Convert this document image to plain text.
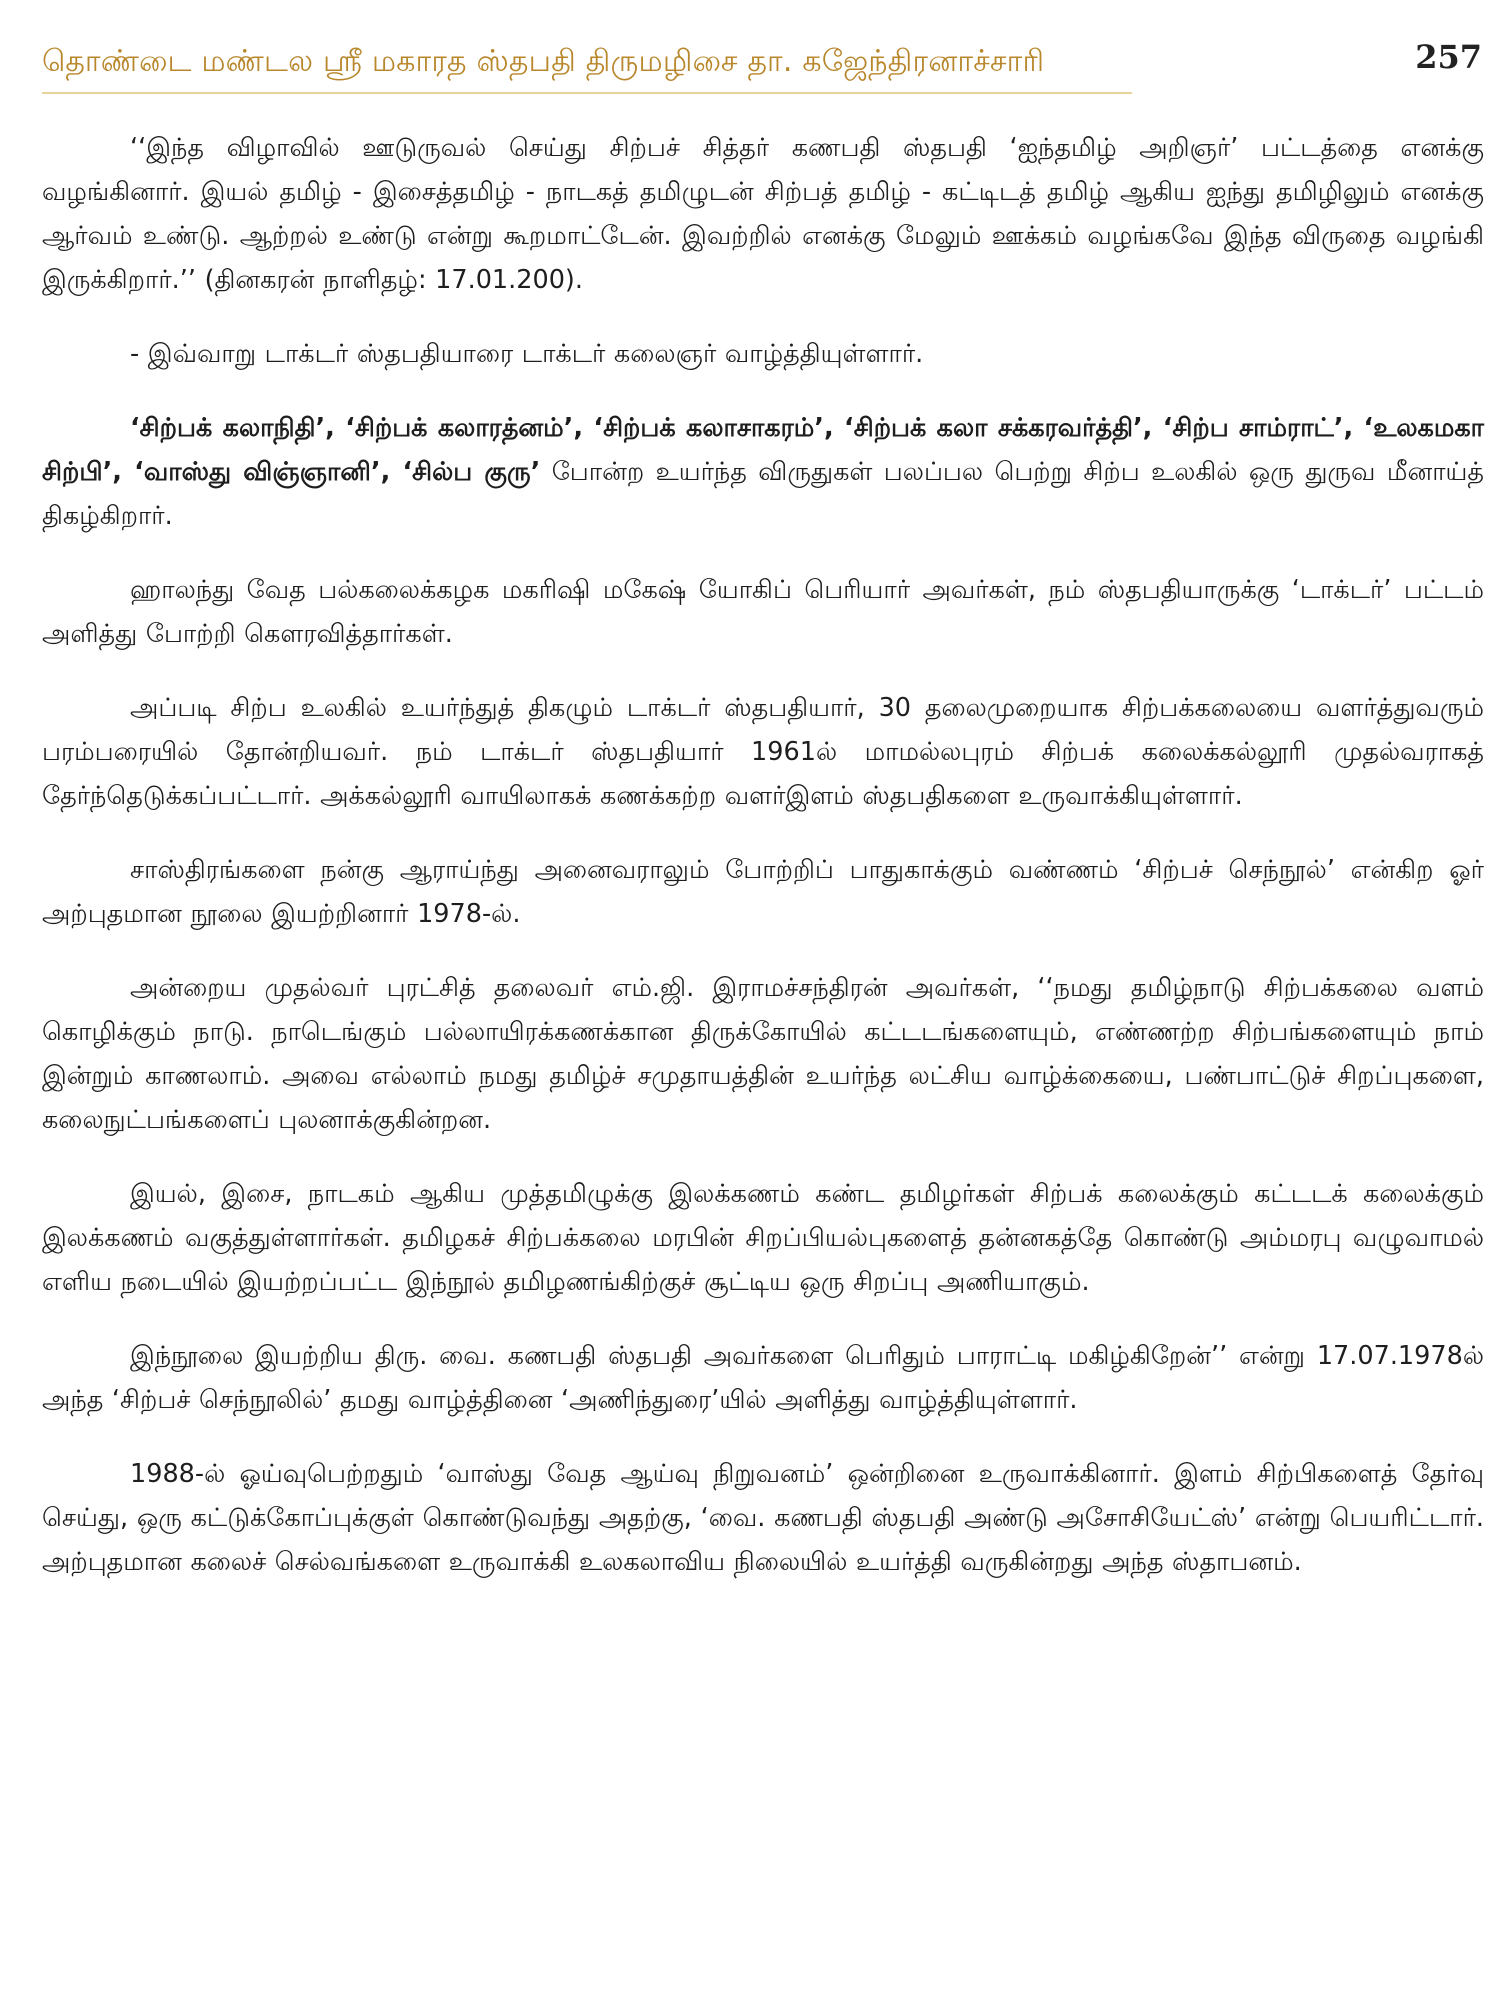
தொண்டை மண்டல ஸ்ரீ மகாரத ஸ்தபதி திருமழிசை தா. கஜேந்திரனாச்சாரி	257

‘‘இந்த விழாவில் ஊடுருவல் செய்து சிற்பச் சித்தர் கணபதி ஸ்தபதி ‘ஐந்தமிழ் அறிஞர்’ பட்டத்தை எனக்கு வழங்கினார். இயல் தமிழ் - இசைத்தமிழ் - நாடகத் தமிழுடன் சிற்பத் தமிழ் - கட்டிடத் தமிழ் ஆகிய ஐந்து தமிழிலும் எனக்கு ஆர்வம் உண்டு. ஆற்றல் உண்டு என்று கூறமாட்டேன். இவற்றில் எனக்கு மேலும் ஊக்கம் வழங்கவே இந்த விருதை வழங்கி இருக்கிறார்.’’ (தினகரன் நாளிதழ்: 17.01.200).

- இவ்வாறு டாக்டர் ஸ்தபதியாரை டாக்டர் கலைஞர் வாழ்த்தியுள்ளார்.

‘சிற்பக் கலாநிதி’, ‘சிற்பக் கலாரத்னம்’, ‘சிற்பக் கலாசாகரம்’, ‘சிற்பக் கலா சக்கரவர்த்தி’, ‘சிற்ப சாம்ராட்’, ‘உலகமகா சிற்பி’, ‘வாஸ்து விஞ்ஞானி’, ‘சில்ப குரு’ போன்ற உயர்ந்த விருதுகள் பலப்பல பெற்று சிற்ப உலகில் ஒரு துருவ மீனாய்த் திகழ்கிறார்.

ஹாலந்து வேத பல்கலைக்கழக மகரிஷி மகேஷ் யோகிப் பெரியார் அவர்கள், நம் ஸ்தபதியாருக்கு ‘டாக்டர்’ பட்டம் அளித்து போற்றி கௌரவித்தார்கள்.

அப்படி சிற்ப உலகில் உயர்ந்துத் திகழும் டாக்டர் ஸ்தபதியார், 30 தலைமுறையாக சிற்பக்கலையை வளர்த்துவரும் பரம்பரையில் தோன்றியவர். நம் டாக்டர் ஸ்தபதியார் 1961ல் மாமல்லபுரம் சிற்பக் கலைக்கல்லூரி முதல்வராகத் தேர்ந்தெடுக்கப்பட்டார். அக்கல்லூரி வாயிலாகக் கணக்கற்ற வளர்இளம் ஸ்தபதிகளை உருவாக்கியுள்ளார்.

சாஸ்திரங்களை நன்கு ஆராய்ந்து அனைவராலும் போற்றிப் பாதுகாக்கும் வண்ணம் ‘சிற்பச் செந்நூல்’ என்கிற ஓர் அற்புதமான நூலை இயற்றினார் 1978-ல்.

அன்றைய முதல்வர் புரட்சித் தலைவர் எம்.ஜி. இராமச்சந்திரன் அவர்கள், ‘‘நமது தமிழ்நாடு சிற்பக்கலை வளம் கொழிக்கும் நாடு. நாடெங்கும் பல்லாயிரக்கணக்கான திருக்கோயில் கட்டடங்களையும், எண்ணற்ற சிற்பங்களையும் நாம் இன்றும் காணலாம். அவை எல்லாம் நமது தமிழ்ச் சமுதாயத்தின் உயர்ந்த லட்சிய வாழ்க்கையை, பண்பாட்டுச் சிறப்புகளை, கலைநுட்பங்களைப் புலனாக்குகின்றன.

இயல், இசை, நாடகம் ஆகிய முத்தமிழுக்கு இலக்கணம் கண்ட தமிழர்கள் சிற்பக் கலைக்கும் கட்டடக் கலைக்கும் இலக்கணம் வகுத்துள்ளார்கள். தமிழகச் சிற்பக்கலை மரபின் சிறப்பியல்புகளைத் தன்னகத்தே கொண்டு அம்மரபு வழுவாமல் எளிய நடையில் இயற்றப்பட்ட இந்நூல் தமிழணங்கிற்குச் சூட்டிய ஒரு சிறப்பு அணியாகும்.

இந்நூலை இயற்றிய திரு. வை. கணபதி ஸ்தபதி அவர்களை பெரிதும் பாராட்டி மகிழ்கிறேன்’’ என்று 17.07.1978ல் அந்த ‘சிற்பச் செந்நூலில்’ தமது வாழ்த்தினை ‘அணிந்துரை’யில் அளித்து வாழ்த்தியுள்ளார்.

1988-ல் ஓய்வுபெற்றதும் ‘வாஸ்து வேத ஆய்வு நிறுவனம்’ ஒன்றினை உருவாக்கினார். இளம் சிற்பிகளைத் தேர்வு செய்து, ஒரு கட்டுக்கோப்புக்குள் கொண்டுவந்து அதற்கு, ‘வை. கணபதி ஸ்தபதி அண்டு அசோசியேட்ஸ்’ என்று பெயரிட்டார். அற்புதமான கலைச் செல்வங்களை உருவாக்கி உலகலாவிய நிலையில் உயர்த்தி வருகின்றது அந்த ஸ்தாபனம்.
